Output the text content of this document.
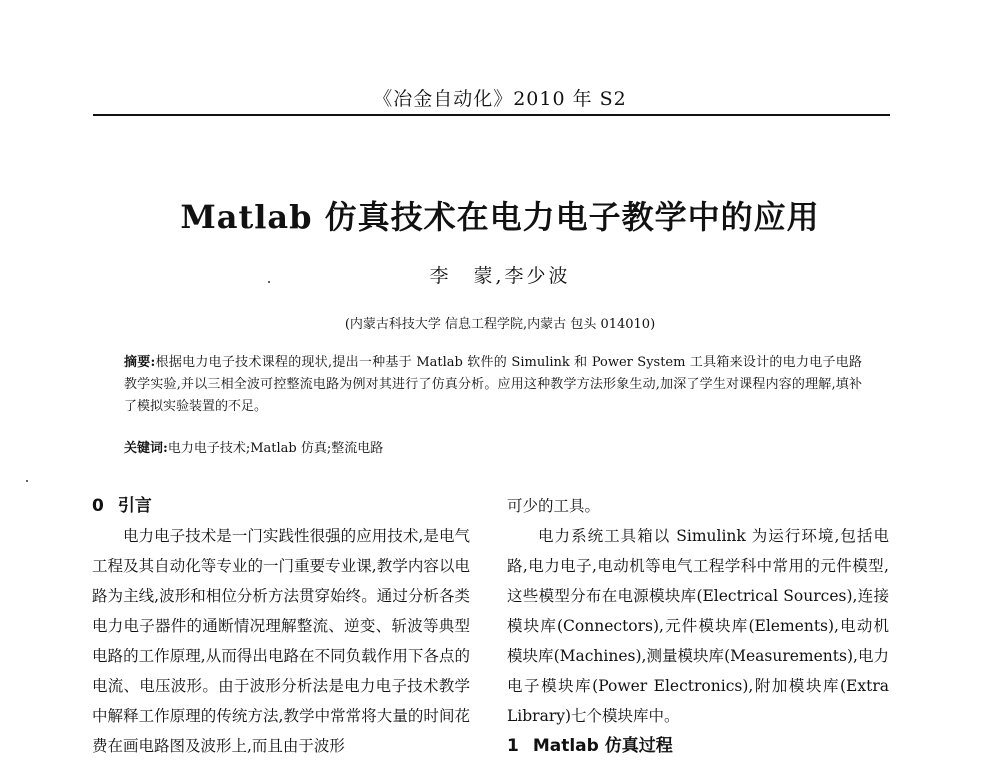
《冶金自动化》2010 年 S2
Matlab 仿真技术在电力电子教学中的应用
李　蒙,李少波
(内蒙古科技大学 信息工程学院,内蒙古 包头 014010)
摘要:根据电力电子技术课程的现状,提出一种基于 Matlab 软件的 Simulink 和 Power System 工具箱来设计的电力电子电路教学实验,并以三相全波可控整流电路为例对其进行了仿真分析。应用这种教学方法形象生动,加深了学生对课程内容的理解,填补了模拟实验装置的不足。
关键词:电力电子技术;Matlab 仿真;整流电路
0 引言

电力电子技术是一门实践性很强的应用技术,是电气工程及其自动化等专业的一门重要专业课,教学内容以电路为主线,波形和相位分析方法贯穿始终。通过分析各类电力电子器件的通断情况理解整流、逆变、斩波等典型电路的工作原理,从而得出电路在不同负载作用下各点的电流、电压波形。由于波形分析法是电力电子技术教学中解释工作原理的传统方法,教学中常常将大量的时间花费在画电路图及波形上,而且由于波形

可少的工具。

电力系统工具箱以 Simulink 为运行环境,包括电路,电力电子,电动机等电气工程学科中常用的元件模型,这些模型分布在电源模块库(Electrical Sources),连接模块库(Connectors),元件模块库(Elements),电动机模块库(Machines),测量模块库(Measurements),电力电子模块库(Power Electronics),附加模块库(Extra Library)七个模块库中。

1 Matlab 仿真过程
